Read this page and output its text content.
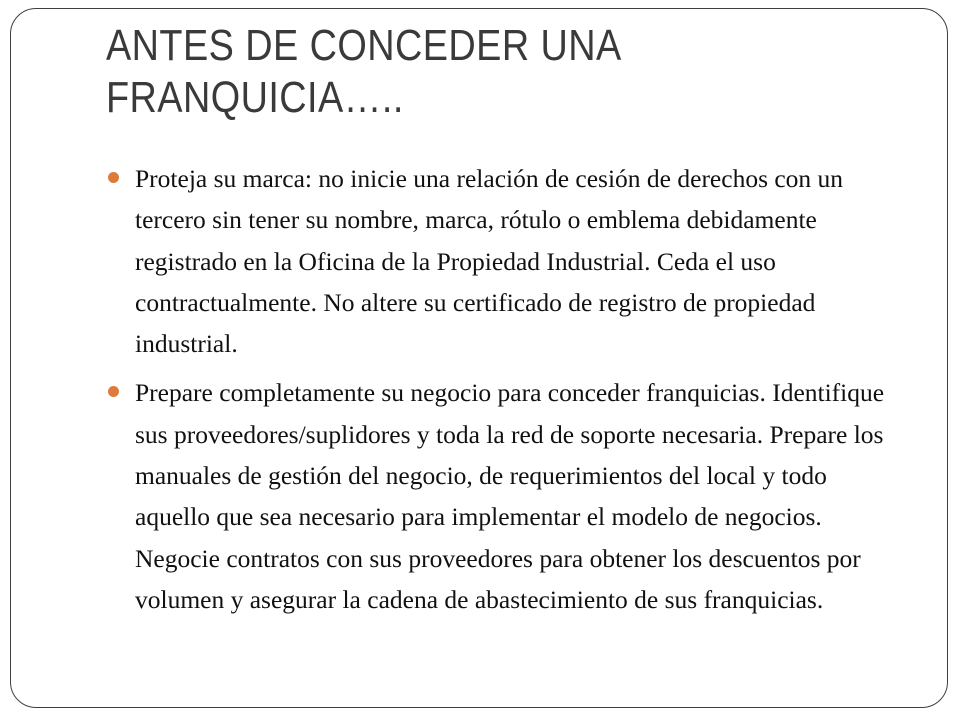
ANTES DE CONCEDER UNA FRANQUICIA…..
Proteja su marca: no inicie una relación de cesión de derechos con un tercero sin tener su nombre, marca, rótulo o emblema debidamente registrado en la Oficina de la Propiedad Industrial. Ceda el uso contractualmente. No altere su certificado de registro de propiedad industrial.
Prepare completamente su negocio para conceder franquicias. Identifique sus proveedores/suplidores y toda la red de soporte necesaria. Prepare los manuales de gestión del negocio, de requerimientos del local y todo aquello que sea necesario para implementar el modelo de negocios. Negocie contratos con sus proveedores para obtener los descuentos por volumen y asegurar la cadena de abastecimiento de sus franquicias.
